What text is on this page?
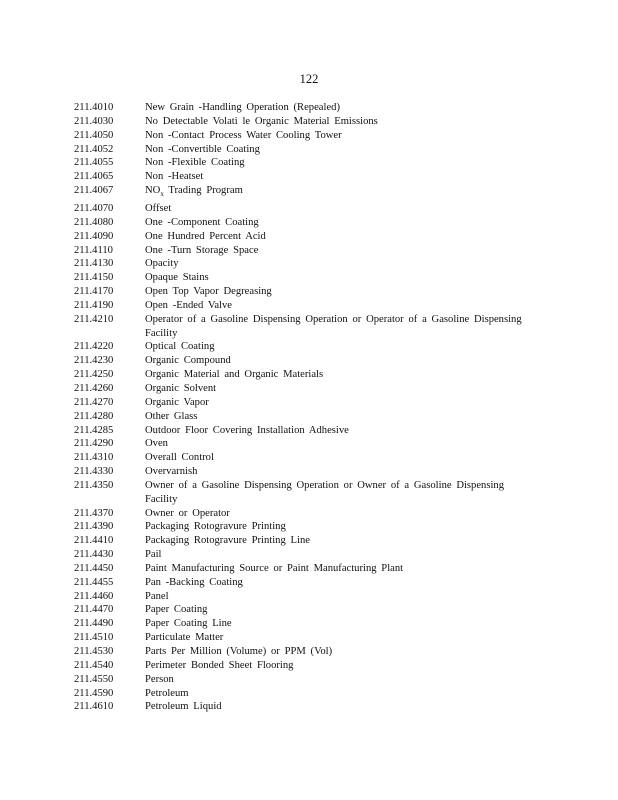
122
211.4010	New Grain -Handling Operation (Repealed)
211.4030	No Detectable Volati le Organic Material Emissions
211.4050	Non -Contact Process Water Cooling Tower
211.4052	Non -Convertible Coating
211.4055	Non -Flexible Coating
211.4065	Non -Heatset
211.4067	$NO_x$ Trading Program
211.4070	Offset
211.4080	One -Component Coating
211.4090	One Hundred Percent Acid
211.4110	One -Turn Storage Space
211.4130	Opacity
211.4150	Opaque Stains
211.4170	Open Top Vapor Degreasing
211.4190	Open -Ended Valve
211.4210	Operator of a Gasoline Dispensing Operation or Operator of a Gasoline Dispensing Facility
211.4220	Optical Coating
211.4230	Organic Compound
211.4250	Organic Material and Organic Materials
211.4260	Organic Solvent
211.4270	Organic Vapor
211.4280	Other Glass
211.4285	Outdoor Floor Covering Installation Adhesive
211.4290	Oven
211.4310	Overall Control
211.4330	Overvarnish
211.4350	Owner of a Gasoline Dispensing Operation or Owner of a Gasoline Dispensing Facility
211.4370	Owner or Operator
211.4390	Packaging Rotogravure Printing
211.4410	Packaging Rotogravure Printing Line
211.4430	Pail
211.4450	Paint Manufacturing Source or Paint Manufacturing Plant
211.4455	Pan -Backing Coating
211.4460	Panel
211.4470	Paper Coating
211.4490	Paper Coating Line
211.4510	Particulate Matter
211.4530	Parts Per Million (Volume) or PPM (Vol)
211.4540	Perimeter Bonded Sheet Flooring
211.4550	Person
211.4590	Petroleum
211.4610	Petroleum Liquid
